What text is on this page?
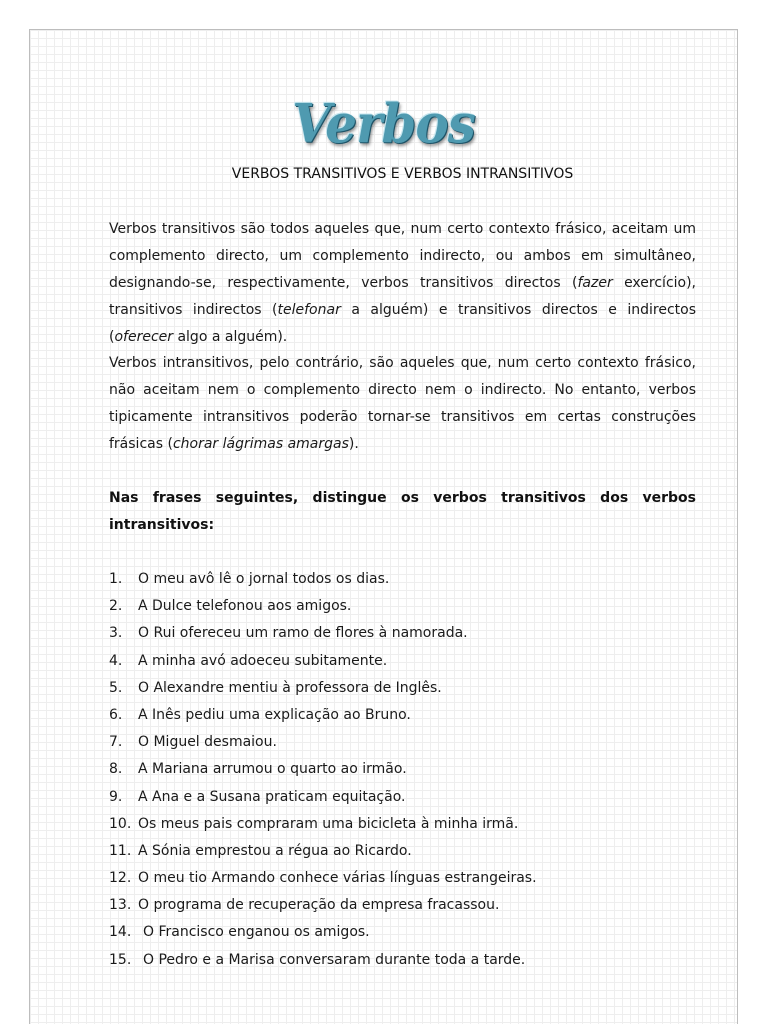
Verbos
VERBOS TRANSITIVOS E VERBOS INTRANSITIVOS

Verbos transitivos são todos aqueles que, num certo contexto frásico, aceitam um complemento directo, um complemento indirecto, ou ambos em simultâneo, designando-se, respectivamente, verbos transitivos directos (fazer exercício), transitivos indirectos (telefonar a alguém) e transitivos directos e indirectos (oferecer algo a alguém).

Verbos intransitivos, pelo contrário, são aqueles que, num certo contexto frásico, não aceitam nem o complemento directo nem o indirecto. No entanto, verbos tipicamente intransitivos poderão tornar-se transitivos em certas construções frásicas (chorar lágrimas amargas).

Nas frases seguintes, distingue os verbos transitivos dos verbos intransitivos:

1. O meu avô lê o jornal todos os dias.
2. A Dulce telefonou aos amigos.
3. O Rui ofereceu um ramo de flores à namorada.
4. A minha avó adoeceu subitamente.
5. O Alexandre mentiu à professora de Inglês.
6. A Inês pediu uma explicação ao Bruno.
7. O Miguel desmaiou.
8. A Mariana arrumou o quarto ao irmão.
9. A Ana e a Susana praticam equitação.
10. Os meus pais compraram uma bicicleta à minha irmã.
11. A Sónia emprestou a régua ao Ricardo.
12. O meu tio Armando conhece várias línguas estrangeiras.
13. O programa de recuperação da empresa fracassou.
14. O Francisco enganou os amigos.
15. O Pedro e a Marisa conversaram durante toda a tarde.
